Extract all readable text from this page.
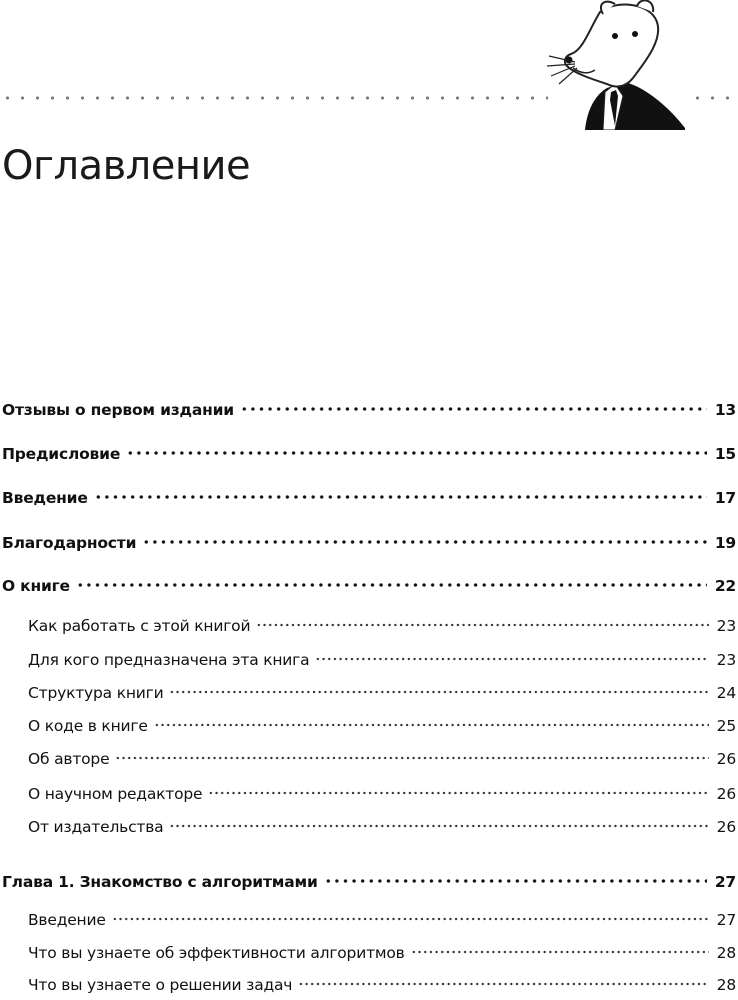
Оглавление
Отзывы о первом издании	13
Предисловие	15
Введение	17
Благодарности	19
О книге	22
Как работать с этой книгой	23
Для кого предназначена эта книга	23
Структура книги	24
О коде в книге	25
Об авторе	26
О научном редакторе	26
От издательства	26
Глава 1. Знакомство с алгоритмами	27
Введение	27
Что вы узнаете об эффективности алгоритмов	28
Что вы узнаете о решении задач	28
